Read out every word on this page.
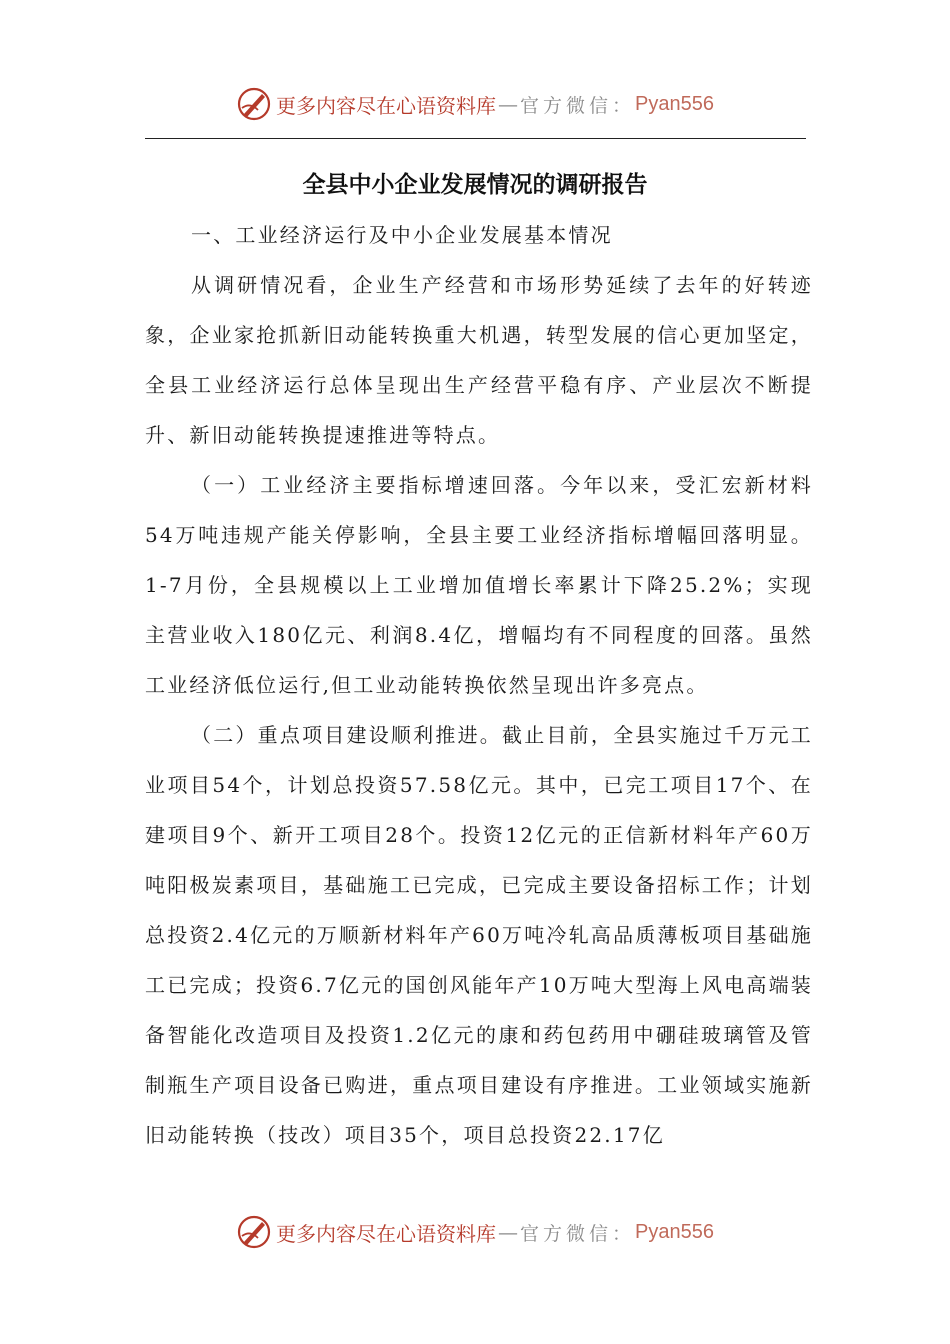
更多内容尽在心语资料库 — 官方微信： Pyan556
全县中小企业发展情况的调研报告

一、工业经济运行及中小企业发展基本情况

从调研情况看，企业生产经营和市场形势延续了去年的好转迹象，企业家抢抓新旧动能转换重大机遇，转型发展的信心更加坚定，全县工业经济运行总体呈现出生产经营平稳有序、产业层次不断提升、新旧动能转换提速推进等特点。

（一）工业经济主要指标增速回落。今年以来，受汇宏新材料54万吨违规产能关停影响，全县主要工业经济指标增幅回落明显。1-7月份，全县规模以上工业增加值增长率累计下降25.2%；实现主营业收入180亿元、利润8.4亿，增幅均有不同程度的回落。虽然工业经济低位运行,但工业动能转换依然呈现出许多亮点。

（二）重点项目建设顺利推进。截止目前，全县实施过千万元工业项目54个，计划总投资57.58亿元。其中，已完工项目17个、在建项目9个、新开工项目28个。投资12亿元的正信新材料年产60万吨阳极炭素项目，基础施工已完成，已完成主要设备招标工作；计划总投资2.4亿元的万顺新材料年产60万吨冷轧高品质薄板项目基础施工已完成；投资6.7亿元的国创风能年产10万吨大型海上风电高端装备智能化改造项目及投资1.2亿元的康和药包药用中硼硅玻璃管及管制瓶生产项目设备已购进，重点项目建设有序推进。工业领域实施新旧动能转换（技改）项目35个，项目总投资22.17亿

更多内容尽在心语资料库 — 官方微信： Pyan556
